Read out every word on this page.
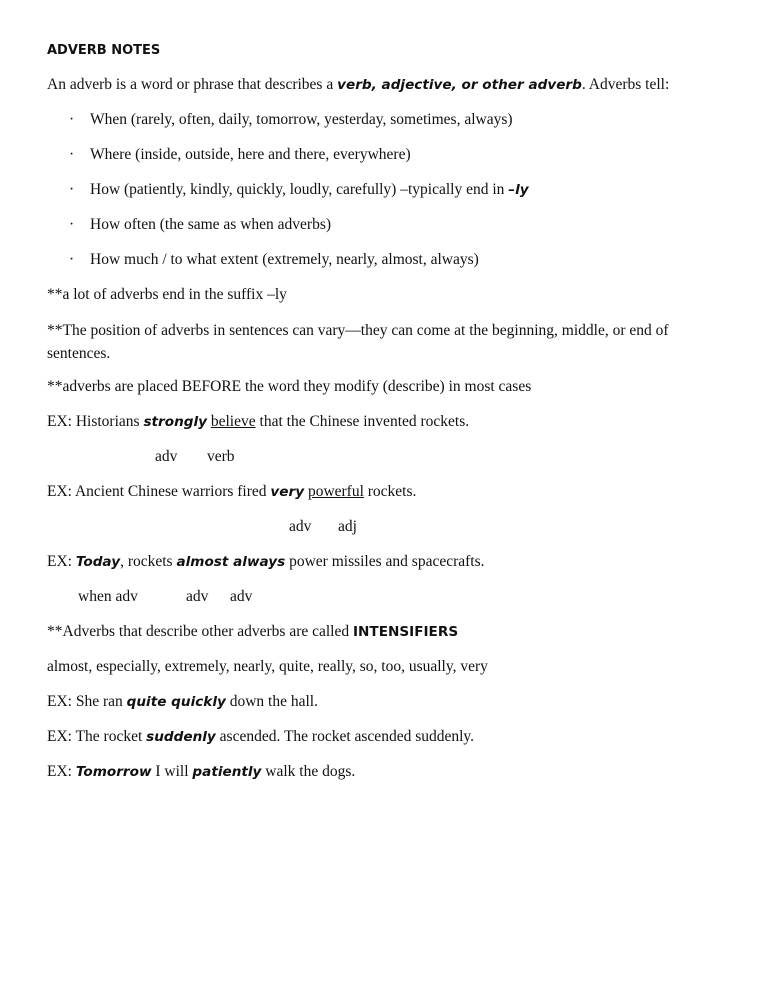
ADVERB NOTES
An adverb is a word or phrase that describes a verb, adjective, or other adverb. Adverbs tell:
· When (rarely, often, daily, tomorrow, yesterday, sometimes, always)
· Where (inside, outside, here and there, everywhere)
· How (patiently, kindly, quickly, loudly, carefully) –typically end in –ly
· How often (the same as when adverbs)
· How much / to what extent (extremely, nearly, almost, always)
**a lot of adverbs end in the suffix –ly
**The position of adverbs in sentences can vary—they can come at the beginning, middle, or end of sentences.
**adverbs are placed BEFORE the word they modify (describe) in most cases
EX: Historians strongly believe that the Chinese invented rockets.
adv verb
EX: Ancient Chinese warriors fired very powerful rockets.
adv adj
EX: Today, rockets almost always power missiles and spacecrafts.
when adv	adv adv
**Adverbs that describe other adverbs are called INTENSIFIERS
almost, especially, extremely, nearly, quite, really, so, too, usually, very
EX: She ran quite quickly down the hall.
EX: The rocket suddenly ascended. The rocket ascended suddenly.
EX: Tomorrow I will patiently walk the dogs.
